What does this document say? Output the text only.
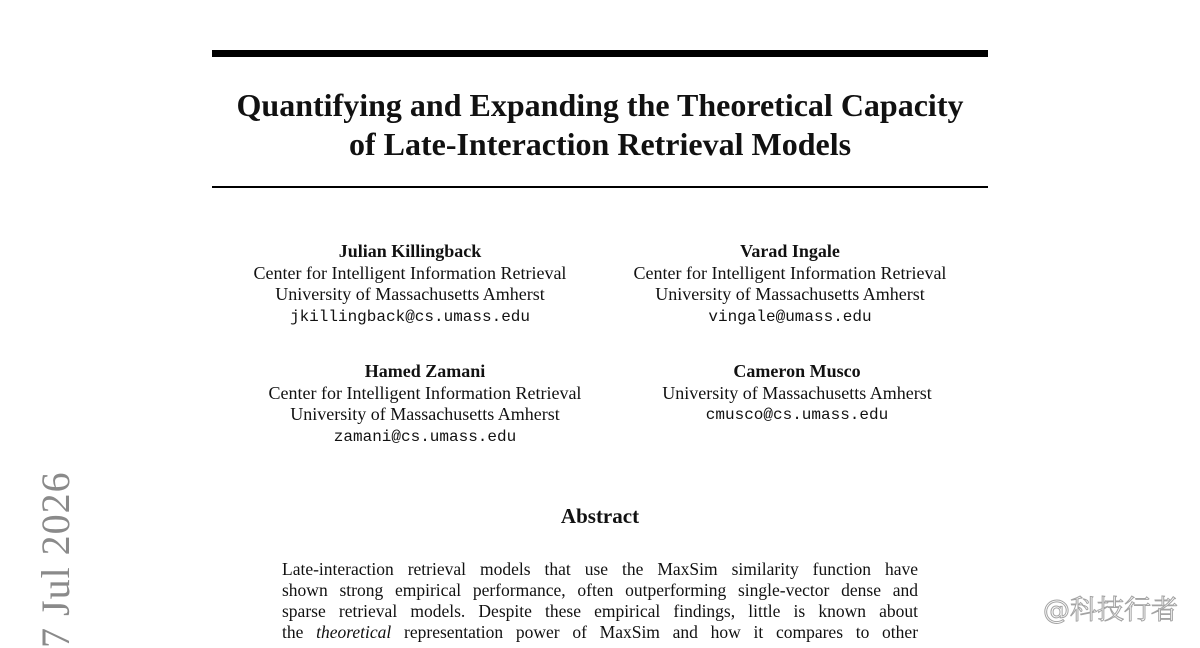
Quantifying and Expanding the Theoretical Capacity
of Late-Interaction Retrieval Models
Julian Killingback
Center for Intelligent Information Retrieval
University of Massachusetts Amherst
jkillingback@cs.umass.edu
Varad Ingale
Center for Intelligent Information Retrieval
University of Massachusetts Amherst
vingale@umass.edu
Hamed Zamani
Center for Intelligent Information Retrieval
University of Massachusetts Amherst
zamani@cs.umass.edu
Cameron Musco
University of Massachusetts Amherst
cmusco@cs.umass.edu
Abstract
Late-interaction retrieval models that use the MaxSim similarity function have
shown strong empirical performance, often outperforming single-vector dense and
sparse retrieval models. Despite these empirical findings, little is known about
the theoretical representation power of MaxSim and how it compares to other
7 Jul 2026	@科技行者
